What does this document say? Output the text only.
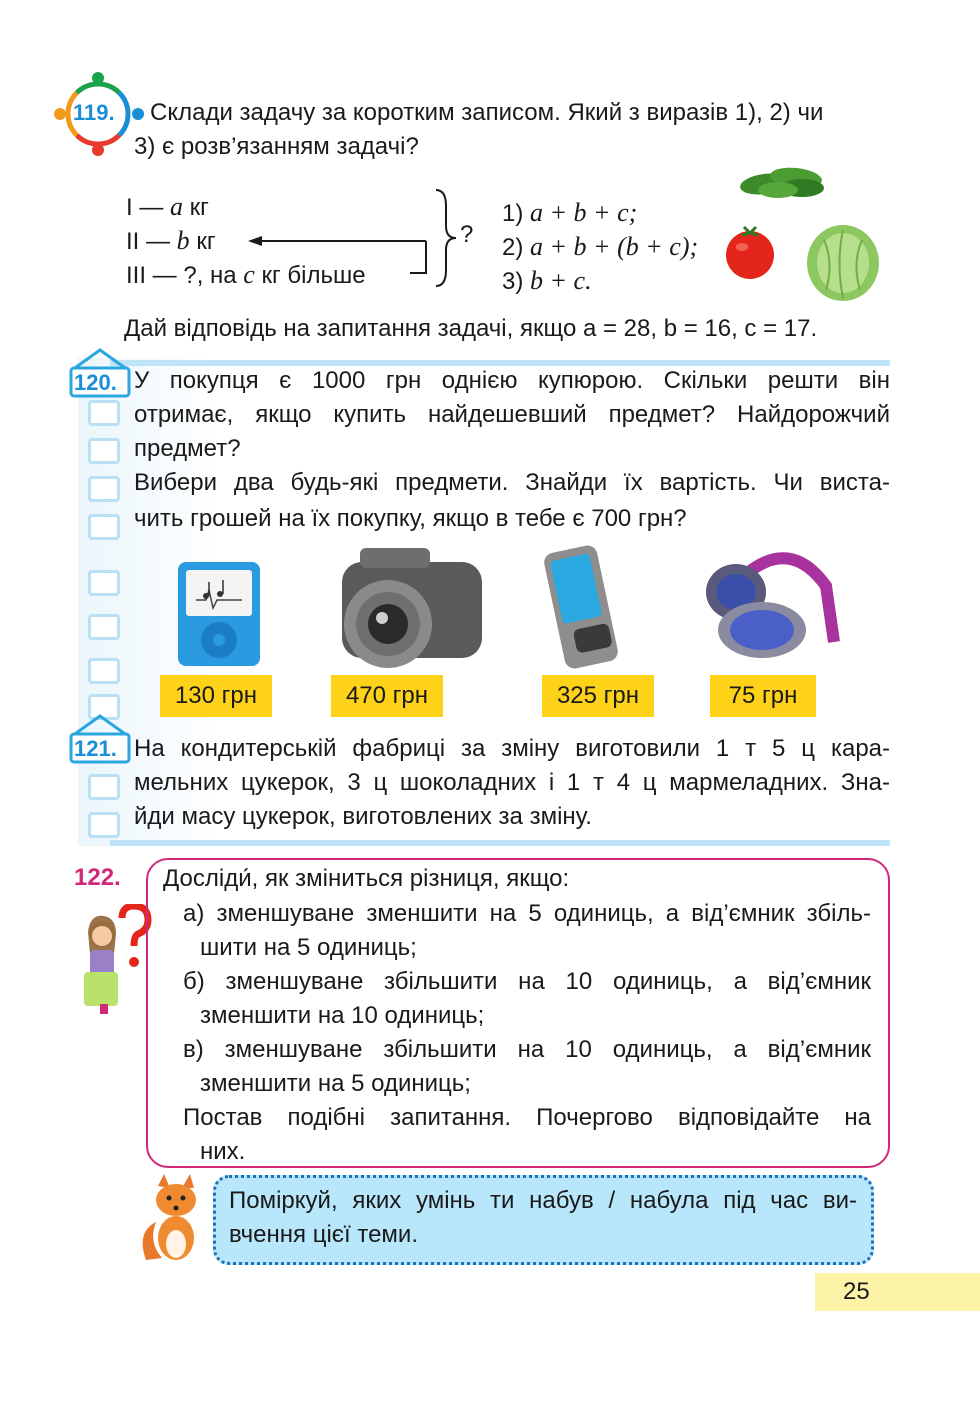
119. Склади задачу за коротким записом. Який з виразів 1), 2) чи
3) є розв’язанням задачі?
I — a кг
II — b кг
III — ?, на c кг більше
?
1) a + b + c;
2) a + b + (b + c);
3) b + c.
Дай відповідь на запитання задачі, якщо a = 28, b = 16, c = 17.
120.
121.
У покупця є 1000 грн однією купюрою. Скільки решти він
отримає, якщо купить найдешевший предмет? Найдорожчий
предмет?
Вибери два будь-які предмети. Знайди їх вартість. Чи виста-
чить грошей на їх покупку, якщо в тебе є 700 грн?
130 грн	470 грн	325 грн	75 грн
На кондитерській фабриці за зміну виготовили 1 т 5 ц кара-
мельних цукерок, 3 ц шоколадних і 1 т 4 ц мармеладних. Зна-
йди масу цукерок, виготовлених за зміну.
122. Досліди́, як зміниться різниця, якщо:
а) зменшуване зменшити на 5 одиниць, а від’ємник збіль-
шити на 5 одиниць;
б) зменшуване збільшити на 10 одиниць, а від’ємник
зменшити на 10 одиниць;
в) зменшуване збільшити на 10 одиниць, а від’ємник
зменшити на 5 одиниць;
Постав подібні запитання. Почергово відповідайте на
них.
Поміркуй, яких умінь ти набув / набула під час ви-
вчення цієї теми.
25
